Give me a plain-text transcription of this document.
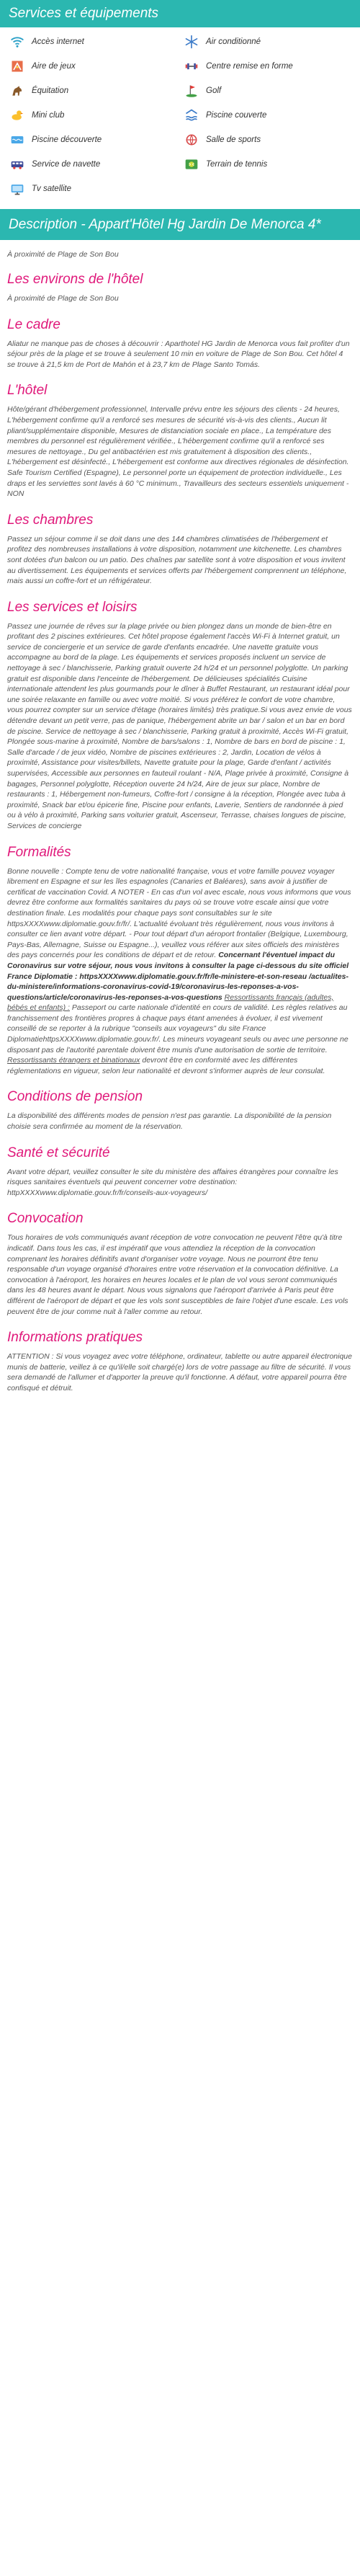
Services et équipements
Accès internet	Air conditionné
Aire de jeux	Centre remise en forme
Équitation	Golf
Mini club	Piscine couverte
Piscine découverte	Salle de sports
Service de navette	Terrain de tennis
Tv satellite
Description - Appart'Hôtel Hg Jardin De Menorca 4*
À proximité de Plage de Son Bou
Les environs de l'hôtel

À proximité de Plage de Son Bou

Le cadre

Aliatur ne manque pas de choses à découvrir : Aparthotel HG Jardin de Menorca vous fait profiter d'un séjour près de la plage et se trouve à seulement 10 min en voiture de Plage de Son Bou. Cet hôtel 4 se trouve à 21,5 km de Port de Mahón et à 23,7 km de Plage Santo Tomás.

L'hôtel

Hôte/gérant d'hébergement professionnel, Intervalle prévu entre les séjours des clients - 24 heures, L'hébergement confirme qu'il a renforcé ses mesures de sécurité vis-à-vis des clients., Aucun lit pliant/supplémentaire disponible, Mesures de distanciation sociale en place., La température des membres du personnel est régulièrement vérifiée., L'hébergement confirme qu'il a renforcé ses mesures de nettoyage., Du gel antibactérien est mis gratuitement à disposition des clients., L'hébergement est désinfecté., L'hébergement est conforme aux directives régionales de désinfection. Safe Tourism Certified (Espagne), Le personnel porte un équipement de protection individuelle., Les draps et les serviettes sont lavés à 60 °C minimum., Travailleurs des secteurs essentiels uniquement - NON

Les chambres

Passez un séjour comme il se doit dans une des 144 chambres climatisées de l'hébergement et profitez des nombreuses installations à votre disposition, notamment une kitchenette. Les chambres sont dotées d'un balcon ou un patio. Des chaînes par satellite sont à votre disposition et vous invitent au divertissement. Les équipements et services offerts par l'hébergement comprennent un téléphone, mais aussi un coffre-fort et un réfrigérateur.

Les services et loisirs

Passez une journée de rêves sur la plage privée ou bien plongez dans un monde de bien-être en profitant des 2 piscines extérieures. Cet hôtel propose également l'accès Wi-Fi à Internet gratuit, un service de conciergerie et un service de garde d'enfants encadrée. Une navette gratuite vous accompagne au bord de la plage. Les équipements et services proposés incluent un service de nettoyage à sec / blanchisserie, Parking gratuit ouverte 24 h/24 et un personnel polyglotte. Un parking gratuit est disponible dans l'enceinte de l'hébergement. De délicieuses spécialités Cuisine internationale attendent les plus gourmands pour le dîner à Buffet Restaurant, un restaurant idéal pour une soirée relaxante en famille ou avec votre moitié. Si vous préférez le confort de votre chambre, vous pourrez compter sur un service d'étage (horaires limités) très pratique.Si vous avez envie de vous détendre devant un petit verre, pas de panique, l'hébergement abrite un bar / salon et un bar en bord de piscine. Service de nettoyage à sec / blanchisserie, Parking gratuit à proximité, Accès Wi-Fi gratuit, Plongée sous-marine à proximité, Nombre de bars/salons : 1, Nombre de bars en bord de piscine : 1, Salle d'arcade / de jeux vidéo, Nombre de piscines extérieures : 2, Jardin, Location de vélos à proximité, Assistance pour visites/billets, Navette gratuite pour la plage, Garde d'enfant / activités supervisées, Accessible aux personnes en fauteuil roulant - N/A, Plage privée à proximité, Consigne à bagages, Personnel polyglotte, Réception ouverte 24 h/24, Aire de jeux sur place, Nombre de restaurants : 1, Hébergement non-fumeurs, Coffre-fort / consigne à la réception, Plongée avec tuba à proximité, Snack bar et/ou épicerie fine, Piscine pour enfants, Laverie, Sentiers de randonnée à pied ou à vélo à proximité, Parking sans voiturier gratuit, Ascenseur, Terrasse, chaises longues de piscine, Services de concierge

Formalités

Bonne nouvelle : Compte tenu de votre nationalité française, vous et votre famille pouvez voyager librement en Espagne et sur les îles espagnoles (Canaries et Baléares), sans avoir à justifier de certificat de vaccination Covid. A NOTER - En cas d'un vol avec escale, nous vous informons que vous devrez être conforme aux formalités sanitaires du pays où se trouve votre escale ainsi que votre destination finale. Les modalités pour chaque pays sont consultables sur le site httpsXXXXwww.diplomatie.gouv.fr/fr/. L'actualité évoluant très régulièrement, nous vous invitons à consulter ce lien avant votre départ. - Pour tout départ d'un aéroport frontalier (Belgique, Luxembourg, Pays-Bas, Allemagne, Suisse ou Espagne...), veuillez vous référer aux sites officiels des ministères des pays concernés pour les conditions de départ et de retour. Concernant l'éventuel impact du Coronavirus sur votre séjour, nous vous invitons à consulter la page ci-dessous du site officiel France Diplomatie : httpsXXXXwww.diplomatie.gouv.fr/fr/le-ministere-et-son-reseau /actualites-du-ministere/informations-coronavirus-covid-19/coronavirus-les-reponses-a-vos-questions/article/coronavirus-les-reponses-a-vos-questions Ressortissants français (adultes, bébés et enfants) : Passeport ou carte nationale d'identité en cours de validité. Les règles relatives au franchissement des frontières propres à chaque pays étant amenées à évoluer, il est vivement conseillé de se reporter à la rubrique "conseils aux voyageurs" du site France DiplomatiehttpsXXXXwww.diplomatie.gouv.fr/. Les mineurs voyageant seuls ou avec une personne ne disposant pas de l'autorité parentale doivent être munis d'une autorisation de sortie de territoire. Ressortissants étrangers et binationaux devront être en conformité avec les différentes réglementations en vigueur, selon leur nationalité et devront s'informer auprès de leur consulat.

Conditions de pension

La disponibilité des différents modes de pension n'est pas garantie. La disponibilité de la pension choisie sera confirmée au moment de la réservation.

Santé et sécurité

Avant votre départ, veuillez consulter le site du ministère des affaires étrangères pour connaître les risques sanitaires éventuels qui peuvent concerner votre destination: httpXXXXwww.diplomatie.gouv.fr/fr/conseils-aux-voyageurs/

Convocation

Tous horaires de vols communiqués avant réception de votre convocation ne peuvent l'être qu'à titre indicatif. Dans tous les cas, il est impératif que vous attendiez la réception de la convocation comprenant les horaires définitifs avant d'organiser votre voyage. Nous ne pourront être tenu responsable d'un voyage organisé d'horaires entre votre réservation et la convocation définitive. La convocation à l'aéroport, les horaires en heures locales et le plan de vol vous seront communiqués dans les 48 heures avant le départ. Nous vous signalons que l'aéroport d'arrivée à Paris peut être différent de l'aéroport de départ et que les vols sont susceptibles de faire l'objet d'une escale. Les vols peuvent être de jour comme nuit à l'aller comme au retour.

Informations pratiques

ATTENTION : Si vous voyagez avec votre téléphone, ordinateur, tablette ou autre appareil électronique munis de batterie, veillez à ce qu'il/elle soit chargé(e) lors de votre passage au filtre de sécurité. Il vous sera demandé de l'allumer et d'apporter la preuve qu'il fonctionne. A défaut, votre appareil pourra être confisqué et détruit.
